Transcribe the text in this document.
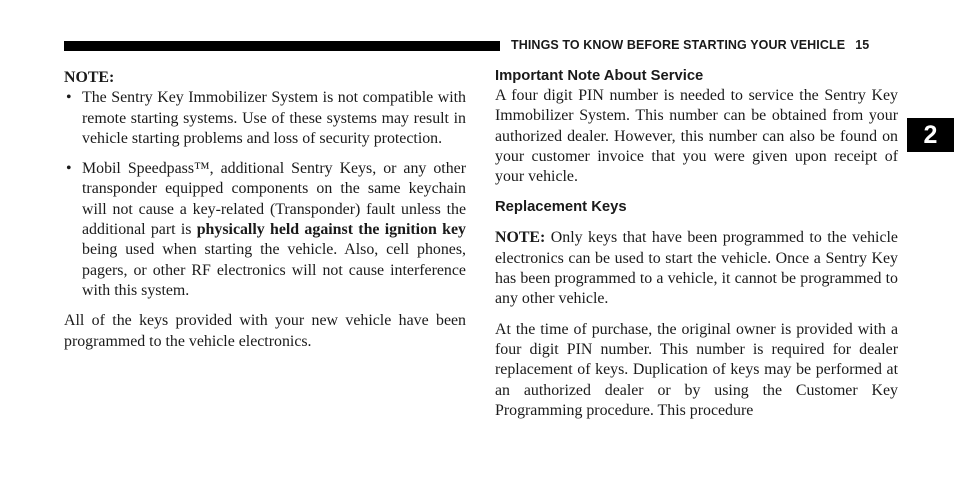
THINGS TO KNOW BEFORE STARTING YOUR VEHICLE 15
2

NOTE:

• The Sentry Key Immobilizer System is not compatible with remote starting systems. Use of these systems may result in vehicle starting problems and loss of security protection.
• Mobil Speedpass™, additional Sentry Keys, or any other transponder equipped components on the same keychain will not cause a key-related (Transponder) fault unless the additional part is physically held against the ignition key being used when starting the vehicle. Also, cell phones, pagers, or other RF electronics will not cause interference with this system.

All of the keys provided with your new vehicle have been programmed to the vehicle electronics.

Important Note About Service

A four digit PIN number is needed to service the Sentry Key Immobilizer System. This number can be obtained from your authorized dealer. However, this number can also be found on your customer invoice that you were given upon receipt of your vehicle.

Replacement Keys

NOTE: Only keys that have been programmed to the vehicle electronics can be used to start the vehicle. Once a Sentry Key has been programmed to a vehicle, it cannot be programmed to any other vehicle.

At the time of purchase, the original owner is provided with a four digit PIN number. This number is required for dealer replacement of keys. Duplication of keys may be performed at an authorized dealer or by using the Customer Key Programming procedure. This procedure
